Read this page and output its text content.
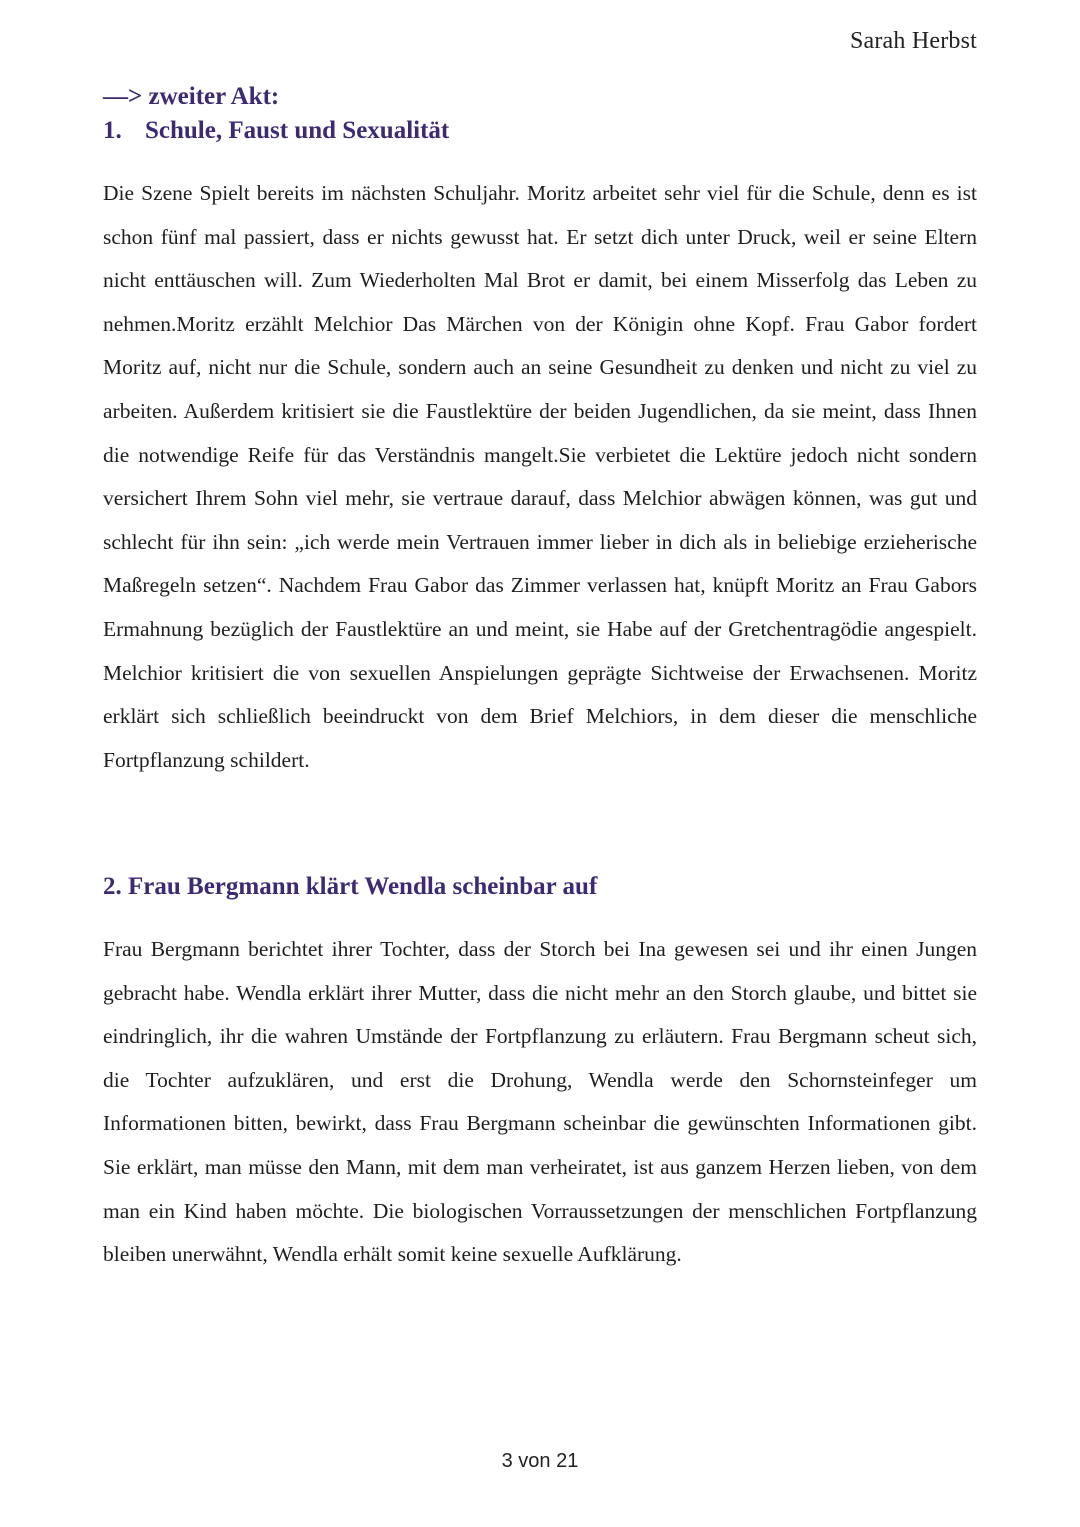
Sarah Herbst
—> zweiter Akt:
1. Schule, Faust und Sexualität

Die Szene Spielt bereits im nächsten Schuljahr. Moritz arbeitet sehr viel für die Schule, denn es ist schon fünf mal passiert, dass er nichts gewusst hat. Er setzt dich unter Druck, weil er seine Eltern nicht enttäuschen will. Zum Wiederholten Mal Brot er damit, bei einem Misserfolg das Leben zu nehmen.Moritz erzählt Melchior Das Märchen von der Königin ohne Kopf. Frau Gabor fordert Moritz auf, nicht nur die Schule, sondern auch an seine Gesundheit zu denken und nicht zu viel zu arbeiten. Außerdem kritisiert sie die Faustlektüre der beiden Jugendlichen, da sie meint, dass Ihnen die notwendige Reife für das Verständnis mangelt.Sie verbietet die Lektüre jedoch nicht sondern versichert Ihrem Sohn viel mehr, sie vertraue darauf, dass Melchior abwägen können, was gut und schlecht für ihn sein: „ich werde mein Vertrauen immer lieber in dich als in beliebige erzieherische Maßregeln setzen“. Nachdem Frau Gabor das Zimmer verlassen hat, knüpft Moritz an Frau Gabors Ermahnung bezüglich der Faustlektüre an und meint, sie Habe auf der Gretchentragödie angespielt. Melchior kritisiert die von sexuellen Anspielungen geprägte Sichtweise der Erwachsenen. Moritz erklärt sich schließlich beeindruckt von dem Brief Melchiors, in dem dieser die menschliche Fortpflanzung schildert.

2. Frau Bergmann klärt Wendla scheinbar auf

Frau Bergmann berichtet ihrer Tochter, dass der Storch bei Ina gewesen sei und ihr einen Jungen gebracht habe. Wendla erklärt ihrer Mutter, dass die nicht mehr an den Storch glaube, und bittet sie eindringlich, ihr die wahren Umstände der Fortpflanzung zu erläutern. Frau Bergmann scheut sich, die Tochter aufzuklären, und erst die Drohung, Wendla werde den Schornsteinfeger um Informationen bitten, bewirkt, dass Frau Bergmann scheinbar die gewünschten Informationen gibt. Sie erklärt, man müsse den Mann, mit dem man verheiratet, ist aus ganzem Herzen lieben, von dem man ein Kind haben möchte. Die biologischen Vorraussetzungen der menschlichen Fortpflanzung bleiben unerwähnt, Wendla erhält somit keine sexuelle Aufklärung.

3 von 21
